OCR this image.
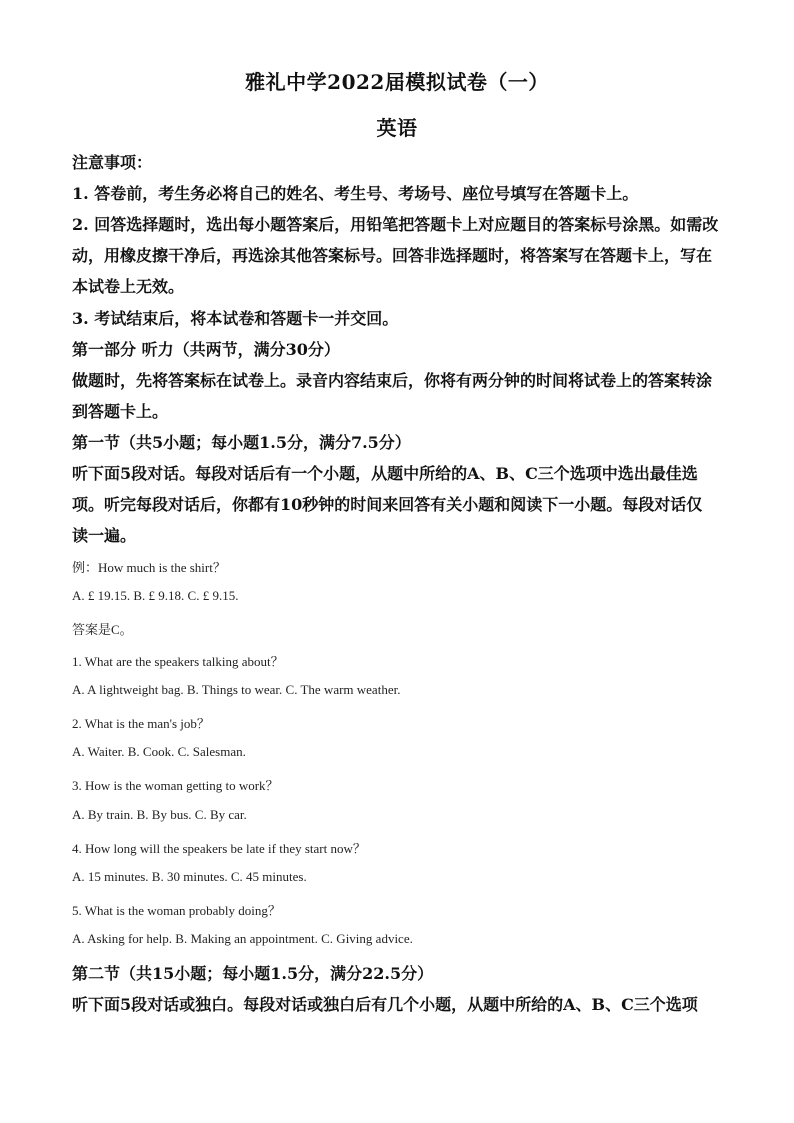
雅礼中学2022届模拟试卷（一）
英语
注意事项：
1. 答卷前，考生务必将自己的姓名、考生号、考场号、座位号填写在答题卡上。
2. 回答选择题时，选出每小题答案后，用铅笔把答题卡上对应题目的答案标号涂黑。如需改
动，用橡皮擦干净后，再选涂其他答案标号。回答非选择题时，将答案写在答题卡上，写在
本试卷上无效。
3. 考试结束后，将本试卷和答题卡一并交回。
第一部分 听力（共两节，满分30分）
做题时，先将答案标在试卷上。录音内容结束后，你将有两分钟的时间将试卷上的答案转涂
到答题卡上。
第一节（共5小题；每小题1.5分，满分7.5分）
听下面5段对话。每段对话后有一个小题，从题中所给的A、B、C三个选项中选出最佳选
项。听完每段对话后，你都有10秒钟的时间来回答有关小题和阅读下一小题。每段对话仅
读一遍。
例：How much is the shirt？
A. £ 19.15. B. £ 9.18. C. £ 9.15.
答案是C。
1. What are the speakers talking about？
A. A lightweight bag. B. Things to wear. C. The warm weather.
2. What is the man's job？
A. Waiter. B. Cook. C. Salesman.
3. How is the woman getting to work？
A. By train. B. By bus. C. By car.
4. How long will the speakers be late if they start now？
A. 15 minutes. B. 30 minutes. C. 45 minutes.
5. What is the woman probably doing？
A. Asking for help. B. Making an appointment. C. Giving advice.
第二节（共15小题；每小题1.5分，满分22.5分）
听下面5段对话或独白。每段对话或独白后有几个小题，从题中所给的A、B、C三个选项
